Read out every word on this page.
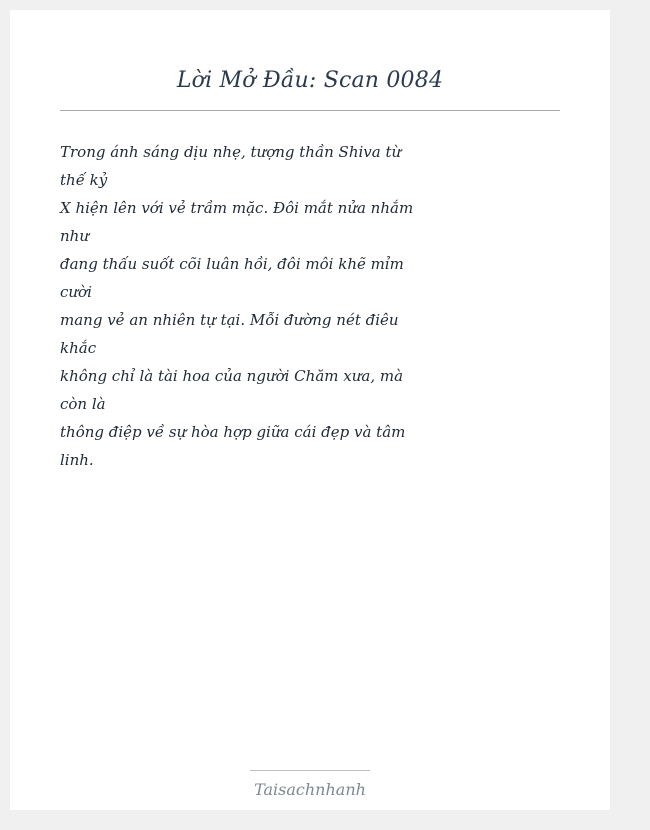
Lời Mở Đầu: Scan 0084
Trong ánh sáng dịu nhẹ, tượng thần Shiva từ
thế kỷ
X hiện lên với vẻ trầm mặc. Đôi mắt nửa nhắm
như
đang thấu suốt cõi luân hồi, đôi môi khẽ mỉm
cười
mang vẻ an nhiên tự tại. Mỗi đường nét điêu
khắc
không chỉ là tài hoa của người Chăm xưa, mà
còn là
thông điệp về sự hòa hợp giữa cái đẹp và tâm
linh.
Taisachnhanh
